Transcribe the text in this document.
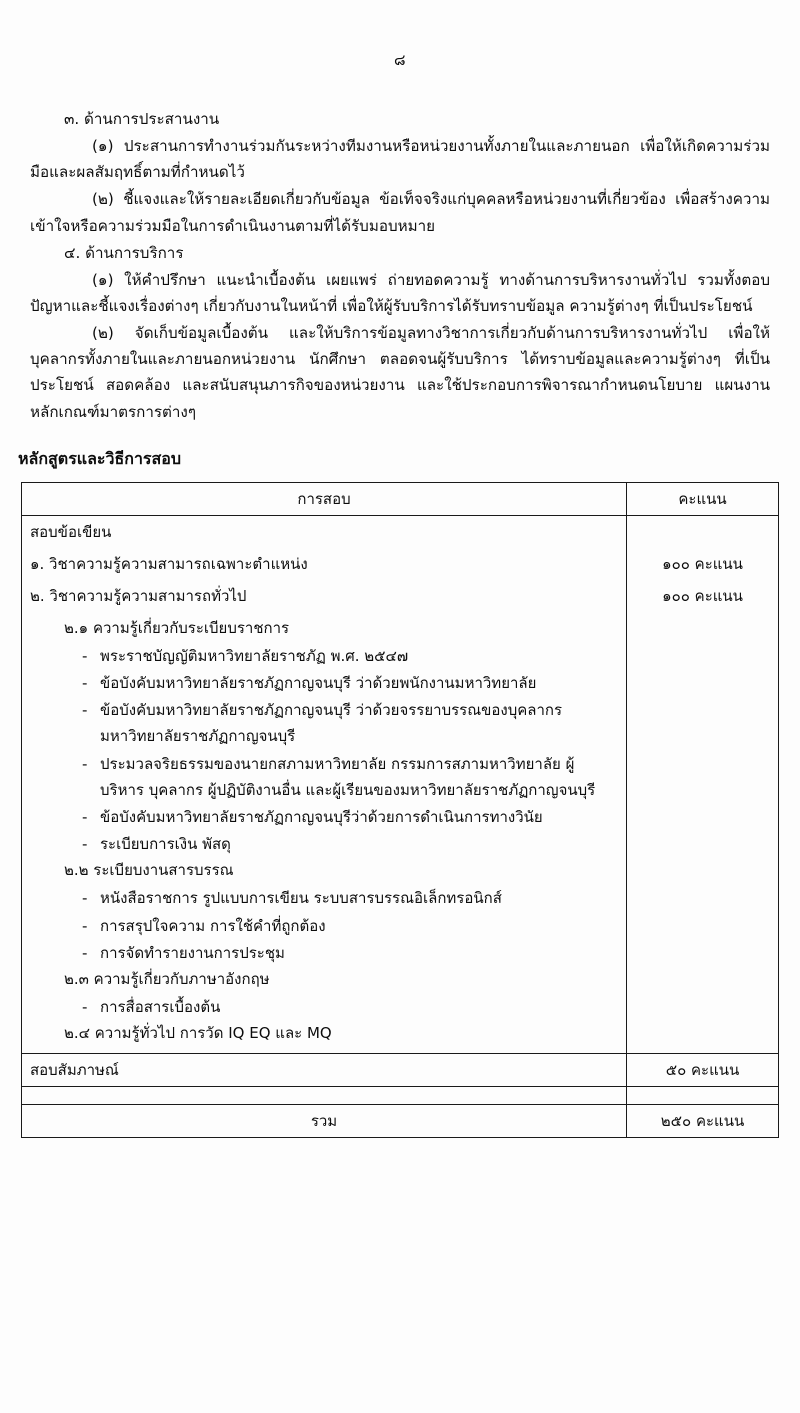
๘

๓. ด้านการประสานงาน

(๑) ประสานการทำงานร่วมกันระหว่างทีมงานหรือหน่วยงานทั้งภายในและภายนอก เพื่อให้เกิดความร่วมมือและผลสัมฤทธิ์ตามที่กำหนดไว้

(๒) ชี้แจงและให้รายละเอียดเกี่ยวกับข้อมูล ข้อเท็จจริงแก่บุคคลหรือหน่วยงานที่เกี่ยวข้อง เพื่อสร้างความเข้าใจหรือความร่วมมือในการดำเนินงานตามที่ได้รับมอบหมาย

๔. ด้านการบริการ

(๑) ให้คำปรึกษา แนะนำเบื้องต้น เผยแพร่ ถ่ายทอดความรู้ ทางด้านการบริหารงานทั่วไป รวมทั้งตอบปัญหาและชี้แจงเรื่องต่างๆ เกี่ยวกับงานในหน้าที่ เพื่อให้ผู้รับบริการได้รับทราบข้อมูล ความรู้ต่างๆ ที่เป็นประโยชน์

(๒) จัดเก็บข้อมูลเบื้องต้น และให้บริการข้อมูลทางวิชาการเกี่ยวกับด้านการบริหารงานทั่วไป เพื่อให้บุคลากรทั้งภายในและภายนอกหน่วยงาน นักศึกษา ตลอดจนผู้รับบริการ ได้ทราบข้อมูลและความรู้ต่างๆ ที่เป็นประโยชน์ สอดคล้อง และสนับสนุนภารกิจของหน่วยงาน และใช้ประกอบการพิจารณากำหนดนโยบาย แผนงาน หลักเกณฑ์มาตรการต่างๆ

หลักสูตรและวิธีการสอบ
การสอบ	คะแนน
สอบข้อเขียน	
๑. วิชาความรู้ความสามารถเฉพาะตำแหน่ง	๑๐๐ คะแนน
๒. วิชาความรู้ความสามารถทั่วไป	๑๐๐ คะแนน

๒.๑ ความรู้เกี่ยวกับระเบียบราชการ
- พระราชบัญญัติมหาวิทยาลัยราชภัฏ พ.ศ. ๒๕๔๗
- ข้อบังคับมหาวิทยาลัยราชภัฏกาญจนบุรี ว่าด้วยพนักงานมหาวิทยาลัย
- ข้อบังคับมหาวิทยาลัยราชภัฏกาญจนบุรี ว่าด้วยจรรยาบรรณของบุคลากรมหาวิทยาลัยราชภัฏกาญจนบุรี
- ประมวลจริยธรรมของนายกสภามหาวิทยาลัย กรรมการสภามหาวิทยาลัย ผู้บริหาร บุคลากร ผู้ปฏิบัติงานอื่น และผู้เรียนของมหาวิทยาลัยราชภัฏกาญจนบุรี
- ข้อบังคับมหาวิทยาลัยราชภัฏกาญจนบุรีว่าด้วยการดำเนินการทางวินัย
- ระเบียบการเงิน พัสดุ
๒.๒ ระเบียบงานสารบรรณ
- หนังสือราชการ รูปแบบการเขียน ระบบสารบรรณอิเล็กทรอนิกส์
- การสรุปใจความ การใช้คำที่ถูกต้อง
- การจัดทำรายงานการประชุม
๒.๓ ความรู้เกี่ยวกับภาษาอังกฤษ
- การสื่อสารเบื้องต้น
๒.๔ ความรู้ทั่วไป การวัด IQ EQ และ MQ

สอบสัมภาษณ์	๕๐ คะแนน

รวม	๒๕๐ คะแนน
